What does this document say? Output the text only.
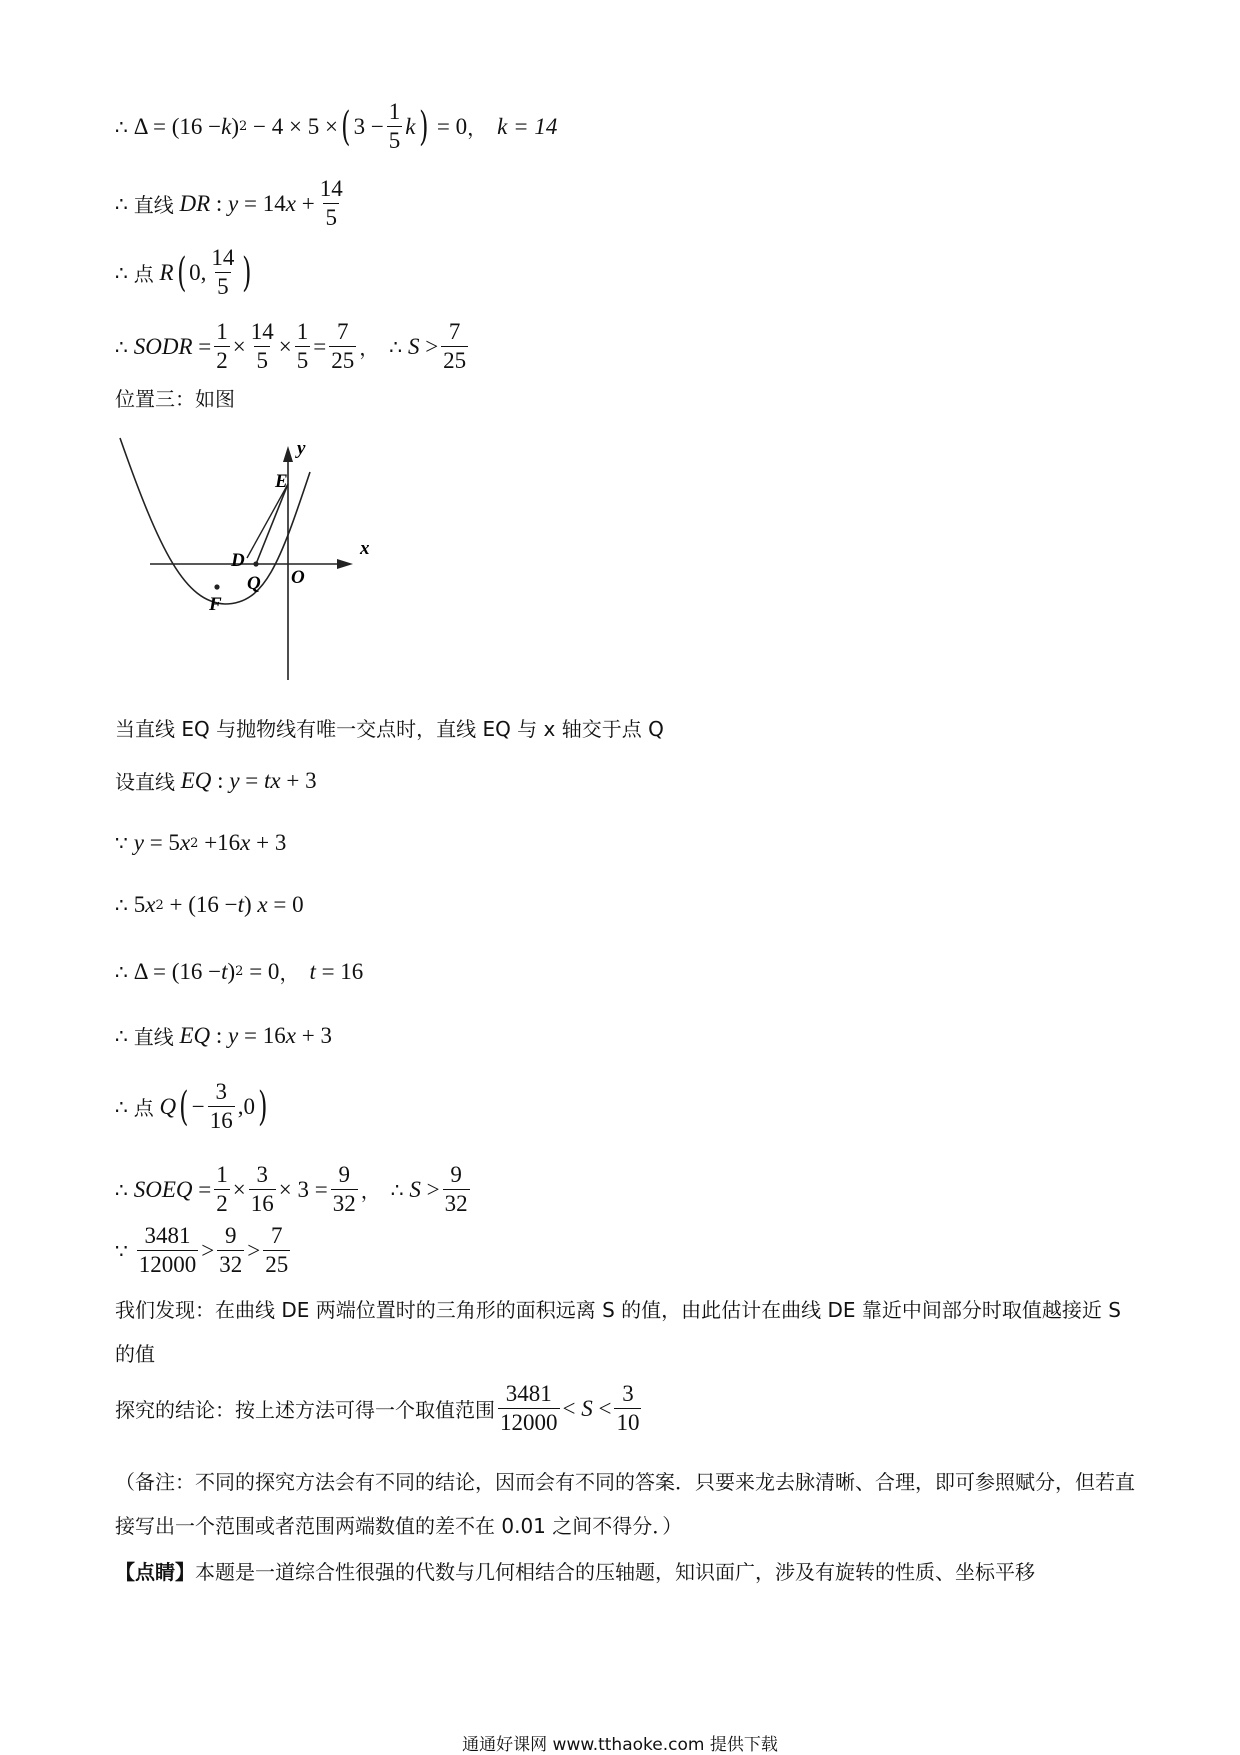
∴ Δ = (16 − k ) 2 − 4 × 5 × ( $3 - \frac{1}{5}$ k ) = 0 ， k = 14
∴ 直线 DR : y = 14 $x + \frac{14}{5}$
∴ 点 R ( 0, $\frac{14}{5}$ )
∴ S ODR = $\frac{1}{2} \times \frac{14}{5} \times \frac{1}{5} = \frac{7}{25}$ ， ∴ $S > \frac{7}{25}$
位置三：如图
y
E
x
D
Q O
F
当直线 EQ 与抛物线有唯一交点时，直线 EQ 与 x 轴交于点 Q
设直线 EQ : y = tx + 3
∵ y = 5 x 2 +16 x + 3
∴ 5 x 2 + (16 − t ) x = 0
∴ Δ = (16 − t ) 2 = 0 ， t = 16
∴ 直线 EQ : y = 16 x + 3
∴ 点 Q ( − $\frac{3}{16} ,0$ )
∴ S OEQ = $\frac{1}{2} \times \frac{3}{16} \times 3 = \frac{9}{32}$ ， ∴ $S > \frac{9}{32}$
∵ $\frac{3481}{12000} > \frac{9}{32} > \frac{7}{25}$
我们发现：在曲线 DE 两端位置时的三角形的面积远离 S 的值，由此估计在曲线 DE 靠近中间部分时取值越接近 S 的值
探究的结论：按上述方法可得一个取值范围 $\frac{3481}{12000} < S < \frac{3}{10}$
（备注：不同的探究方法会有不同的结论，因而会有不同的答案．只要来龙去脉清晰、合理，即可参照赋分，但若直接写出一个范围或者范围两端数值的差不在 0.01 之间不得分．）
【点睛】本题是一道综合性很强的代数与几何相结合的压轴题，知识面广，涉及有旋转的性质、坐标平移
通通好课网 www.tthaoke.com 提供下载
